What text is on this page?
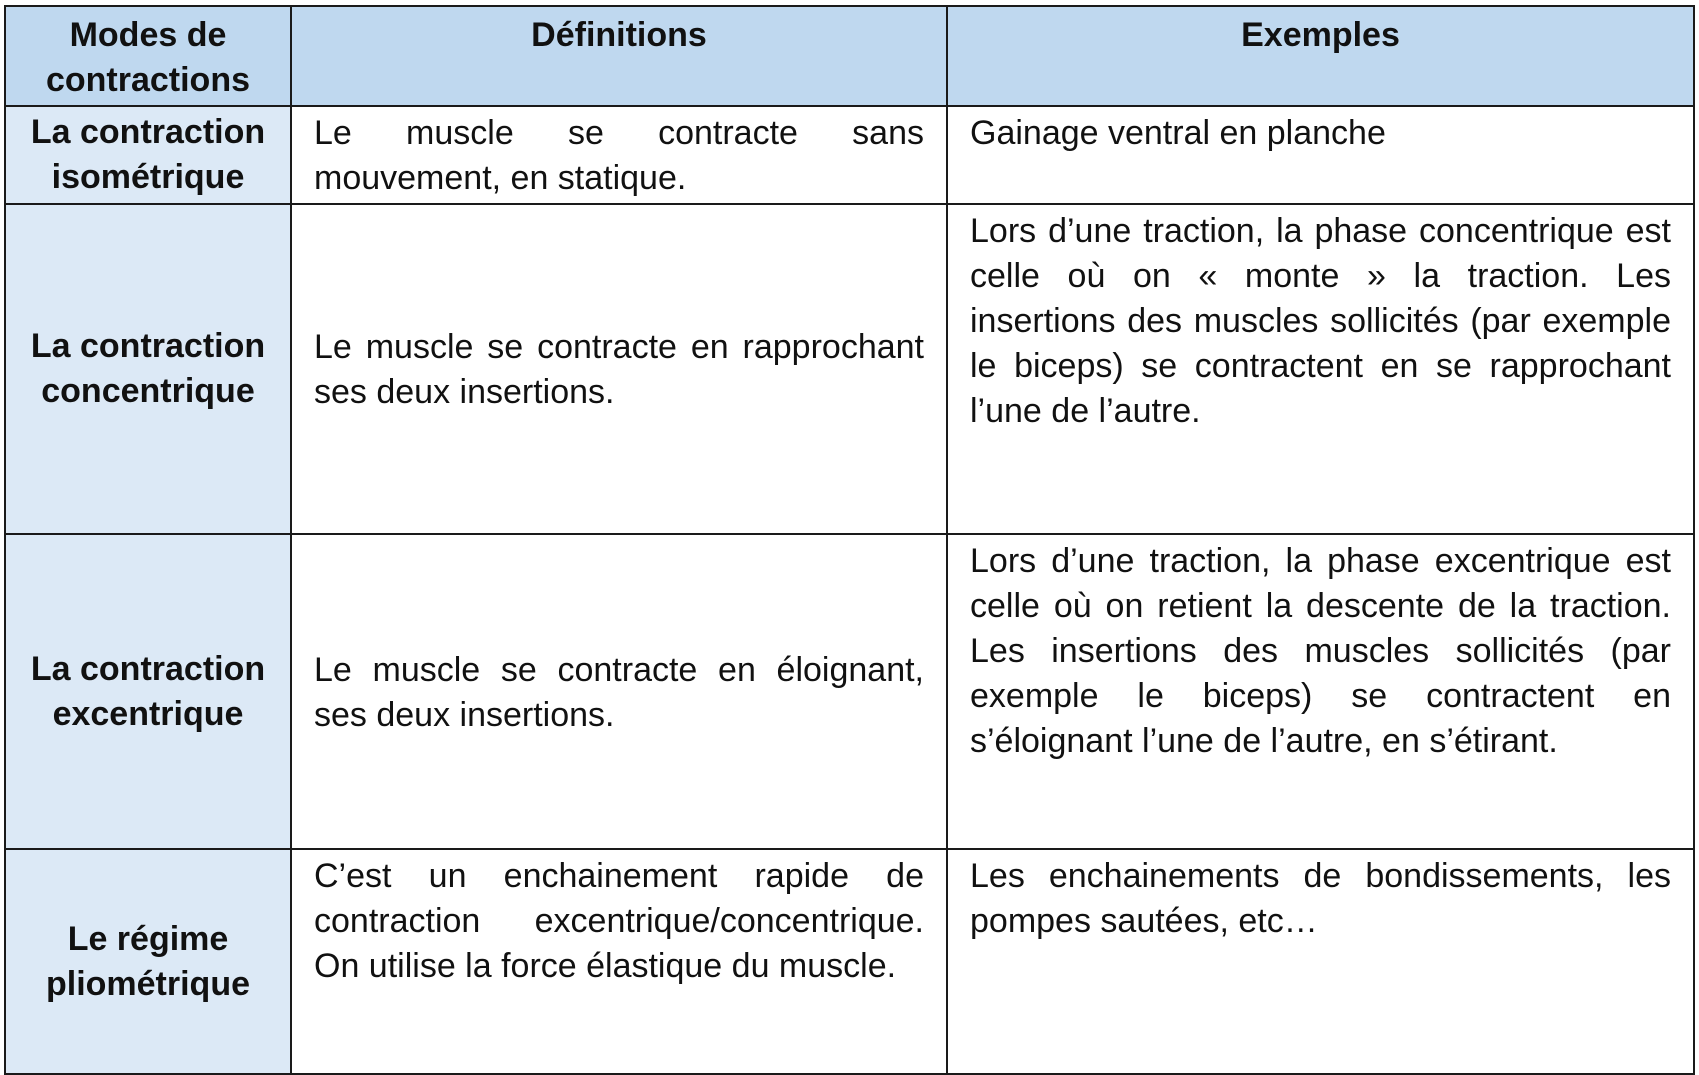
Modes de contractions	Définitions	Exemples
La contraction isométrique	Le muscle se contracte sans mouvement, en statique.	Gainage ventral en planche
La contraction concentrique	Le muscle se contracte en rapprochant ses deux insertions.	Lors d’une traction, la phase concentrique est celle où on « monte » la traction. Les insertions des muscles sollicités (par exemple le biceps) se contractent en se rapprochant l’une de l’autre.
La contraction excentrique	Le muscle se contracte en éloignant, ses deux insertions.	Lors d’une traction, la phase excentrique est celle où on retient la descente de la traction. Les insertions des muscles sollicités (par exemple le biceps) se contractent en s’éloignant l’une de l’autre, en s’étirant.
Le régime pliométrique	C’est un enchainement rapide de contraction excentrique/concentrique. On utilise la force élastique du muscle.	Les enchainements de bondissements, les pompes sautées, etc…
